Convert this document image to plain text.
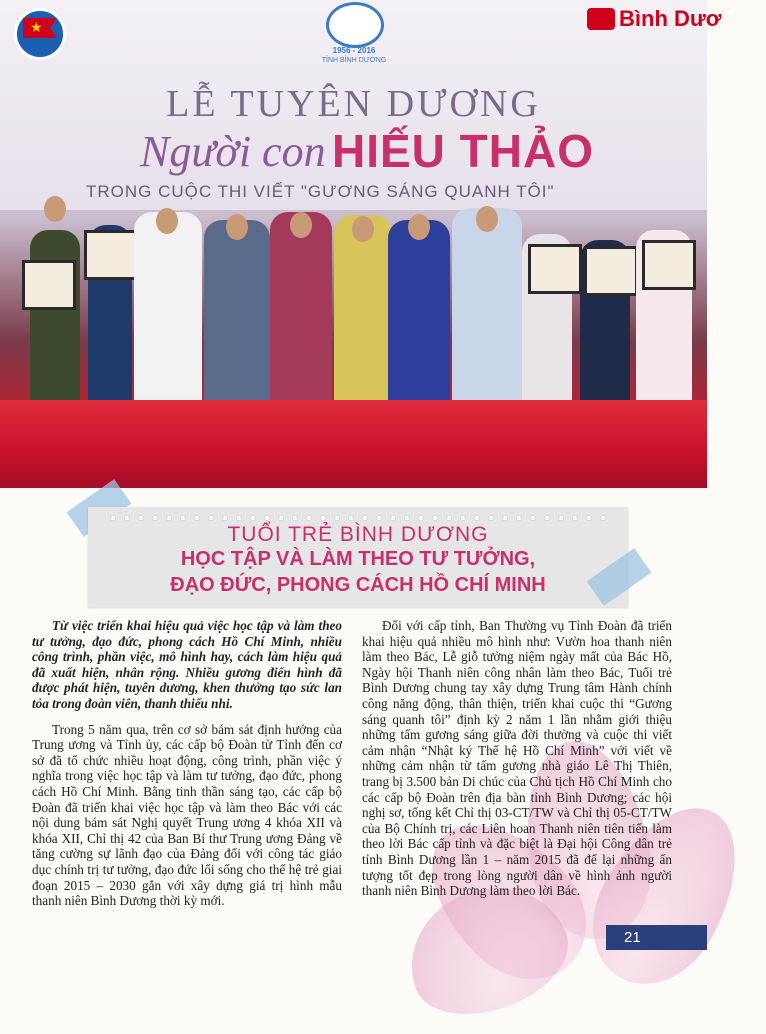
★
1956 - 2016
TỈNH BÌNH DƯƠNG
Bình Dươ
LỄ TUYÊN DƯƠNG
Người con HIẾU THẢO
TRONG CUỘC THI VIẾT "GƯƠNG SÁNG QUANH TÔI"
TUỔI TRẺ BÌNH DƯƠNG
HỌC TẬP VÀ LÀM THEO TƯ TƯỞNG,
ĐẠO ĐỨC, PHONG CÁCH HỒ CHÍ MINH

Từ việc triển khai hiệu quả việc học tập và làm theo tư tưởng, đạo đức, phong cách Hồ Chí Minh, nhiều công trình, phần việc, mô hình hay, cách làm hiệu quả đã xuất hiện, nhân rộng. Nhiều gương điển hình đã được phát hiện, tuyên dương, khen thưởng tạo sức lan tỏa trong đoàn viên, thanh thiếu nhi.

Trong 5 năm qua, trên cơ sở bám sát định hướng của Trung ương và Tỉnh ủy, các cấp bộ Đoàn từ Tỉnh đến cơ sở đã tổ chức nhiều hoạt động, công trình, phần việc ý nghĩa trong việc học tập và làm tư tưởng, đạo đức, phong cách Hồ Chí Minh. Bằng tinh thần sáng tạo, các cấp bộ Đoàn đã triển khai việc học tập và làm theo Bác với các nội dung bám sát Nghị quyết Trung ương 4 khóa XII và khóa XII, Chỉ thị 42 của Ban Bí thư Trung ương Đảng về tăng cường sự lãnh đạo của Đảng đối với công tác giáo dục chính trị tư tưởng, đạo đức lối sống cho thế hệ trẻ giai đoạn 2015 – 2030 gắn với xây dựng giá trị hình mẫu thanh niên Bình Dương thời kỳ mới.

Đối với cấp tỉnh, Ban Thường vụ Tỉnh Đoàn đã triển khai hiệu quả nhiều mô hình như: Vườn hoa thanh niên làm theo Bác, Lễ giỗ tưởng niệm ngày mất của Bác Hồ, Ngày hội Thanh niên công nhân làm theo Bác, Tuổi trẻ Bình Dương chung tay xây dựng Trung tâm Hành chính công năng động, thân thiện, triển khai cuộc thi “Gương sáng quanh tôi” định kỳ 2 năm 1 lần nhằm giới thiệu những tấm gương sáng giữa đời thường và cuộc thi viết cảm nhận “Nhật ký Thế hệ Hồ Chí Minh” với viết về những cảm nhận từ tấm gương nhà giáo Lê Thị Thiên, trang bị 3.500 bản Di chúc của Chủ tịch Hồ Chí Minh cho các cấp bộ Đoàn trên địa bàn tỉnh Bình Dương; các hội nghị sơ, tổng kết Chỉ thị 03-CT/TW và Chỉ thị 05-CT/TW của Bộ Chính trị, các Liên hoan Thanh niên tiên tiến làm theo lời Bác cấp tỉnh và đặc biệt là Đại hội Công dân trẻ tỉnh Bình Dương lần 1 – năm 2015 đã để lại những ấn tượng tốt đẹp trong lòng người dân về hình ảnh người thanh niên Bình Dương làm theo lời Bác.

21
